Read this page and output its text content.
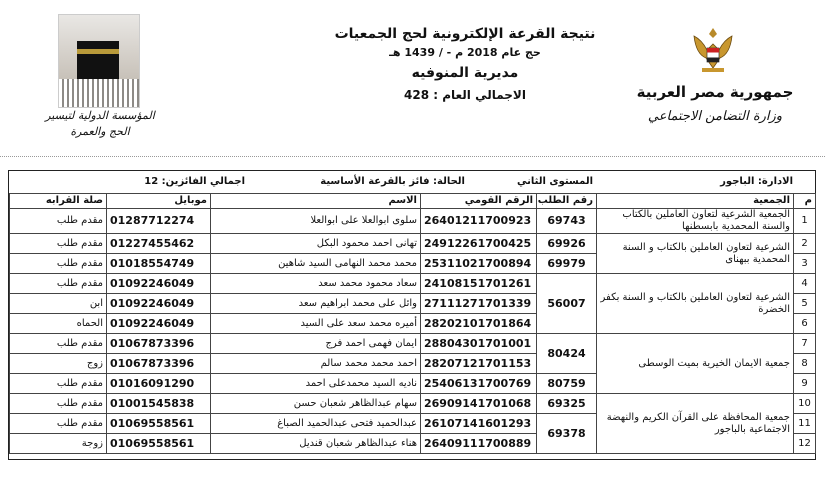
المؤسسة الدولية لتيسير الحج والعمرة
نتيجة القرعة الإلكترونية لحج الجمعيات
حج عام 2018 م - / 1439 هـ
مديرية المنوفيه
الاجمالي العام : 428	جمهورية مصر العربية
وزارة التضامن الاجتماعي
الادارة: الباجور
المستوى الثاني
الحالة: فائز بالقرعة الأساسية
اجمالي الفائزين: 12
م	الجمعية	رقم الطلب	الرقم القومي	الاسم	موبايل	صلة القرابه
1	الجمعية الشرعية لتعاون العاملين بالكتاب والسنة المحمدية بابسطنها	69743	26401211700923	سلوى ابوالعلا على ابوالعلا	01287712274	مقدم طلب
2	الشرعية لتعاون العاملين بالكتاب و السنة المحمدية ببهناى	69926	24912261700425	تهانى احمد محمود البكل	01227455462	مقدم طلب
3		69979	25311021700894	محمد محمد النهامى السيد شاهين	01018554749	مقدم طلب
4	الشرعية لتعاون العاملين بالكتاب و السنة بكفر الخضرة	56007	24108151701261	سعاد محمود محمد سعد	01092246049	مقدم طلب
5			27111271701339	وائل على محمد ابراهيم سعد	01092246049	ابن
6			28202101701864	أميره محمد سعد على السيد	01092246049	الحماه
7	جمعية الايمان الخيرية بميت الوسطى	80424	28804301701001	ايمان فهمى احمد فرج	01067873396	مقدم طلب
8			28207121701153	احمد محمد محمد سالم	01067873396	زوج
9		80759	25406131700769	ناديه السيد محمدعلى احمد	01016091290	مقدم طلب
10	جمعية المحافظة على القرآن الكريم والنهضة الاجتماعية بالباجور	69325	26909141701068	سهام عبدالظاهر شعبان حسن	01001545838	مقدم طلب
11		69378	26107141601293	عبدالحميد فتحى عبدالحميد الصباغ	01069558561	مقدم طلب
12			26409111700889	هناء عبدالظاهر شعبان قنديل	01069558561	زوجة
